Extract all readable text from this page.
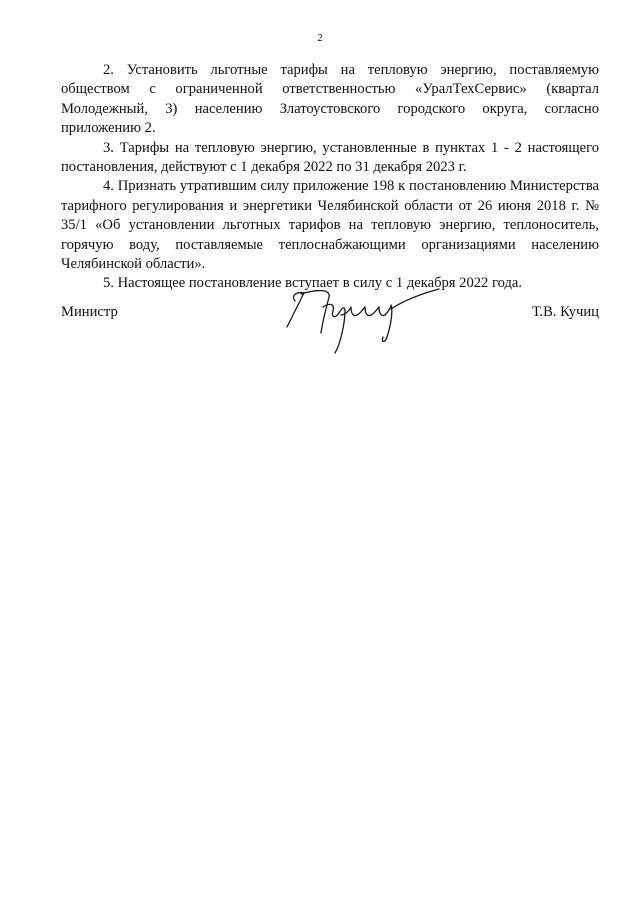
2

2. Установить льготные тарифы на тепловую энергию, поставляемую обществом с ограниченной ответственностью «УралТехСервис» (квартал Молодежный, 3) населению Златоустовского городского округа, согласно приложению 2.

3. Тарифы на тепловую энергию, установленные в пунктах 1 - 2 настоящего постановления, действуют с 1 декабря 2022 по 31 декабря 2023 г.

4. Признать утратившим силу приложение 198 к постановлению Министерства тарифного регулирования и энергетики Челябинской области от 26 июня 2018 г. № 35/1 «Об установлении льготных тарифов на тепловую энергию, теплоноситель, горячую воду, поставляемые теплоснабжающими организациями населению Челябинской области».

5. Настоящее постановление вступает в силу с 1 декабря 2022 года.

Министр	Т.В. Кучиц
